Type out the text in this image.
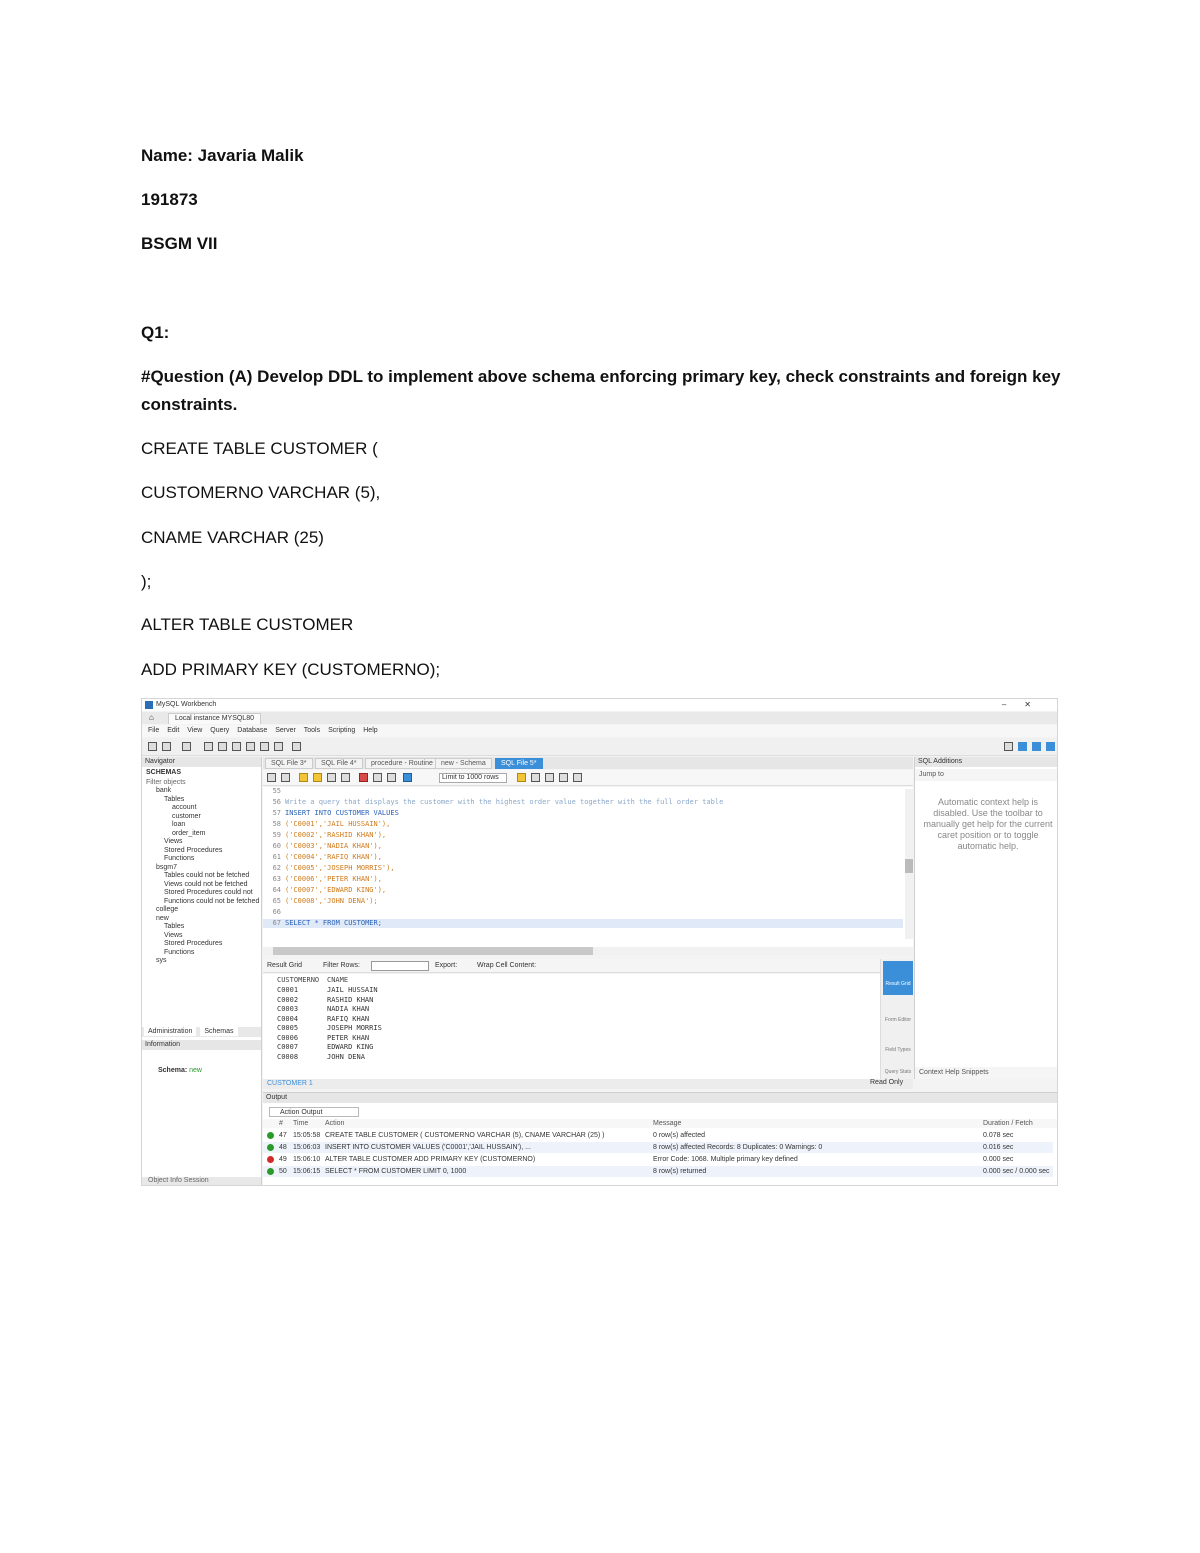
Name: Javaria Malik
191873
BSGM VII
Q1:
#Question (A) Develop DDL to implement above schema enforcing primary key, check constraints and foreign key constraints.
CREATE TABLE CUSTOMER (
CUSTOMERNO VARCHAR (5),
CNAME VARCHAR (25)
);
ALTER TABLE CUSTOMER
ADD PRIMARY KEY (CUSTOMERNO);
MySQL Workbench	–✕
⌂	Local instance MYSQL80
File Edit View Query Database Server Tools Scripting Help
Navigator
SCHEMAS
Filter objects
bank
Tables
account
customer
loan
order_item
Views
Stored Procedures
Functions
bsgm7
Tables could not be fetched
Views could not be fetched
Stored Procedures could not
Functions could not be fetched
college
new
Tables
Views
Stored Procedures
Functions
sys
Administration Schemas
Information
Schema: new
Object Info Session
SQL File 3*	SQL File 4*	procedure - Routine	new - Schema	SQL File 5*
Limit to 1000 rows
55
56 Write a query that displays the customer with the highest order value together with the full order table
57 INSERT INTO CUSTOMER VALUES
58 ('C0001','JAIL HUSSAIN'),
59 ('C0002','RASHID KHAN'),
60 ('C0003','NADIA KHAN'),
61 ('C0004','RAFIQ KHAN'),
62 ('C0005','JOSEPH MORRIS'),
63 ('C0006','PETER KHAN'),
64 ('C0007','EDWARD KING'),
65 ('C0008','JOHN DENA');
66
67 SELECT * FROM CUSTOMER;
Result Grid	Filter Rows:	Export:	Wrap Cell Content:
CUSTOMERNO CNAME
C0001	JAIL HUSSAIN
C0002	RASHID KHAN
C0003	NADIA KHAN
C0004	RAFIQ KHAN
C0005	JOSEPH MORRIS
C0006	PETER KHAN
C0007	EDWARD KING
C0008	JOHN DENA
Result Grid
Form Editor
Field Types
Query Stats
CUSTOMER 1	Read Only
SQL Additions
Jump to
Automatic context help is disabled. Use the toolbar to manually get help for the current caret position or to toggle automatic help.
Context Help Snippets
Output
Action Output
# Time Action	Message	Duration / Fetch
47 15:05:58 CREATE TABLE CUSTOMER ( CUSTOMERNO VARCHAR (5), CNAME VARCHAR (25) )	0 row(s) affected	0.078 sec
48 15:06:03 INSERT INTO CUSTOMER VALUES ('C0001','JAIL HUSSAIN'), ...	8 row(s) affected Records: 8 Duplicates: 0 Warnings: 0	0.016 sec
49 15:06:10 ALTER TABLE CUSTOMER ADD PRIMARY KEY (CUSTOMERNO)	Error Code: 1068. Multiple primary key defined	0.000 sec
50 15:06:15 SELECT * FROM CUSTOMER LIMIT 0, 1000	8 row(s) returned	0.000 sec / 0.000 sec
